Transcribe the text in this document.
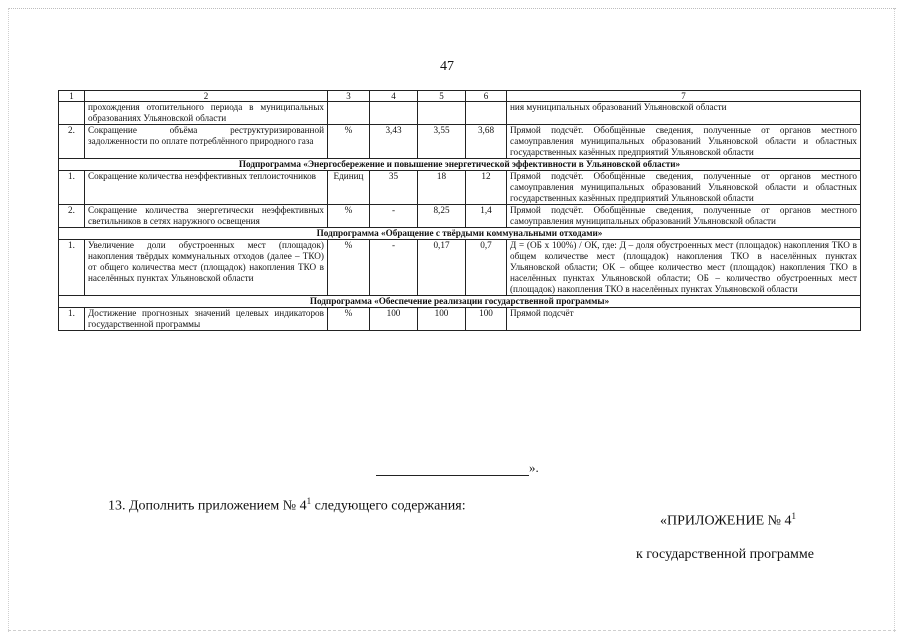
47
1	2	3	4	5	6	7
	прохождения отопительного периода в муниципальных образованиях Ульяновской области					ния муниципальных образований Ульяновской области
2.	Сокращение объёма реструктуризированной задолженности по оплате потреблённого природного газа	%	3,43	3,55	3,68	Прямой подсчёт. Обобщённые сведения, полученные от органов местного самоуправления муниципальных образований Ульяновской области и областных государственных казённых предприятий Ульяновской области
Подпрограмма «Энергосбережение и повышение энергетической эффективности в Ульяновской области»						
1.	Сокращение количества неэффективных теплоисточников	Единиц	35	18	12	Прямой подсчёт. Обобщённые сведения, полученные от органов местного самоуправления муниципальных образований Ульяновской области и областных государственных казённых предприятий Ульяновской области
2.	Сокращение количества энергетически неэффективных светильников в сетях наружного освещения	%	-	8,25	1,4	Прямой подсчёт. Обобщённые сведения, полученные от органов местного самоуправления муниципальных образований Ульяновской области
Подпрограмма «Обращение с твёрдыми коммунальными отходами»						
1.	Увеличение доли обустроенных мест (площадок) накопления твёрдых коммунальных отходов (далее – ТКО) от общего количества мест (площадок) накопления ТКО в населённых пунктах Ульяновской области	%	-	0,17	0,7	Д = (ОБ х 100%) / ОК, где: Д – доля обустроенных мест (площадок) накопления ТКО в общем количестве мест (площадок) накопления ТКО в населённых пунктах Ульяновской области; ОК – общее количество мест (площадок) накопления ТКО в населённых пунктах Ульяновской области; ОБ – количество обустроенных мест (площадок) накопления ТКО в населённых пунктах Ульяновской области
Подпрограмма «Обеспечение реализации государственной программы»						
1.	Достижение прогнозных значений целевых индикаторов государственной программы	%	100	100	100	Прямой подсчёт
».
13. Дополнить приложением № $4^1$ следующего содержания:
«ПРИЛОЖЕНИЕ № $4^1$
к государственной программе
